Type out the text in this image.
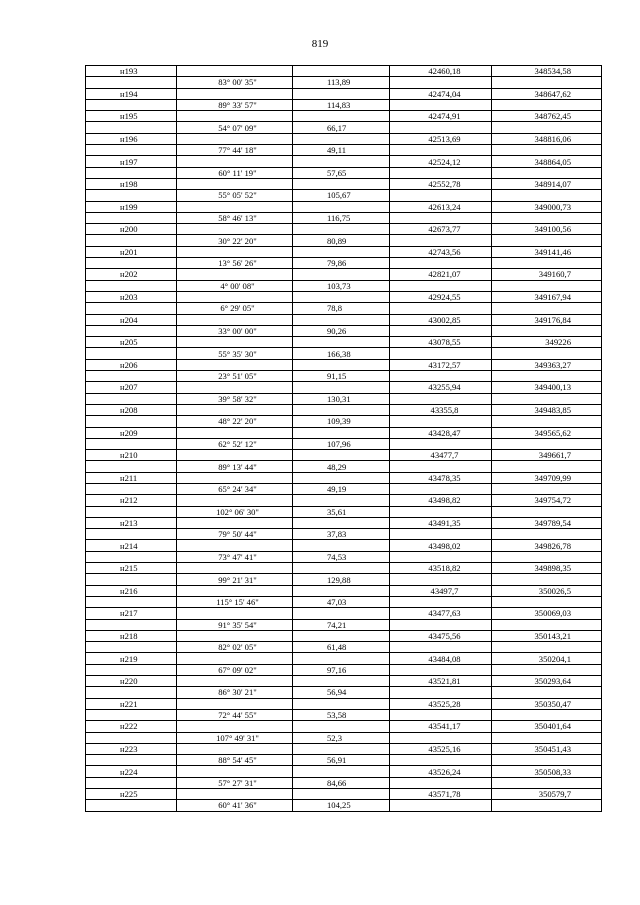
819
н193			42460,18	348534,58
	83° 00' 35"	113,89		
н194			42474,04	348647,62
	89° 33' 57"	114,83		
н195			42474,91	348762,45
	54° 07' 09"	66,17		
н196			42513,69	348816,06
	77° 44' 18"	49,11		
н197			42524,12	348864,05
	60° 11' 19"	57,65		
н198			42552,78	348914,07
	55° 05' 52"	105,67		
н199			42613,24	349000,73
	58° 46' 13"	116,75		
н200			42673,77	349100,56
	30° 22' 20"	80,89		
н201			42743,56	349141,46
	13° 56' 26"	79,86		
н202			42821,07	349160,7
	4° 00' 08"	103,73		
н203			42924,55	349167,94
	6° 29' 05"	78,8		
н204			43002,85	349176,84
	33° 00' 00"	90,26		
н205			43078,55	349226
	55° 35' 30"	166,38		
н206			43172,57	349363,27
	23° 51' 05"	91,15		
н207			43255,94	349400,13
	39° 58' 32"	130,31		
н208			43355,8	349483,85
	48° 22' 20"	109,39		
н209			43428,47	349565,62
	62° 52' 12"	107,96		
н210			43477,7	349661,7
	89° 13' 44"	48,29		
н211			43478,35	349709,99
	65° 24' 34"	49,19		
н212			43498,82	349754,72
	102° 06' 30"	35,61		
н213			43491,35	349789,54
	79° 50' 44"	37,83		
н214			43498,02	349826,78
	73° 47' 41"	74,53		
н215			43518,82	349898,35
	99° 21' 31"	129,88		
н216			43497,7	350026,5
	115° 15' 46"	47,03		
н217			43477,63	350069,03
	91° 35' 54"	74,21		
н218			43475,56	350143,21
	82° 02' 05"	61,48		
н219			43484,08	350204,1
	67° 09' 02"	97,16		
н220			43521,81	350293,64
	86° 30' 21"	56,94		
н221			43525,28	350350,47
	72° 44' 55"	53,58		
н222			43541,17	350401,64
	107° 49' 31"	52,3		
н223			43525,16	350451,43
	88° 54' 45"	56,91		
н224			43526,24	350508,33
	57° 27' 31"	84,66		
н225			43571,78	350579,7
	60° 41' 36"	104,25		
